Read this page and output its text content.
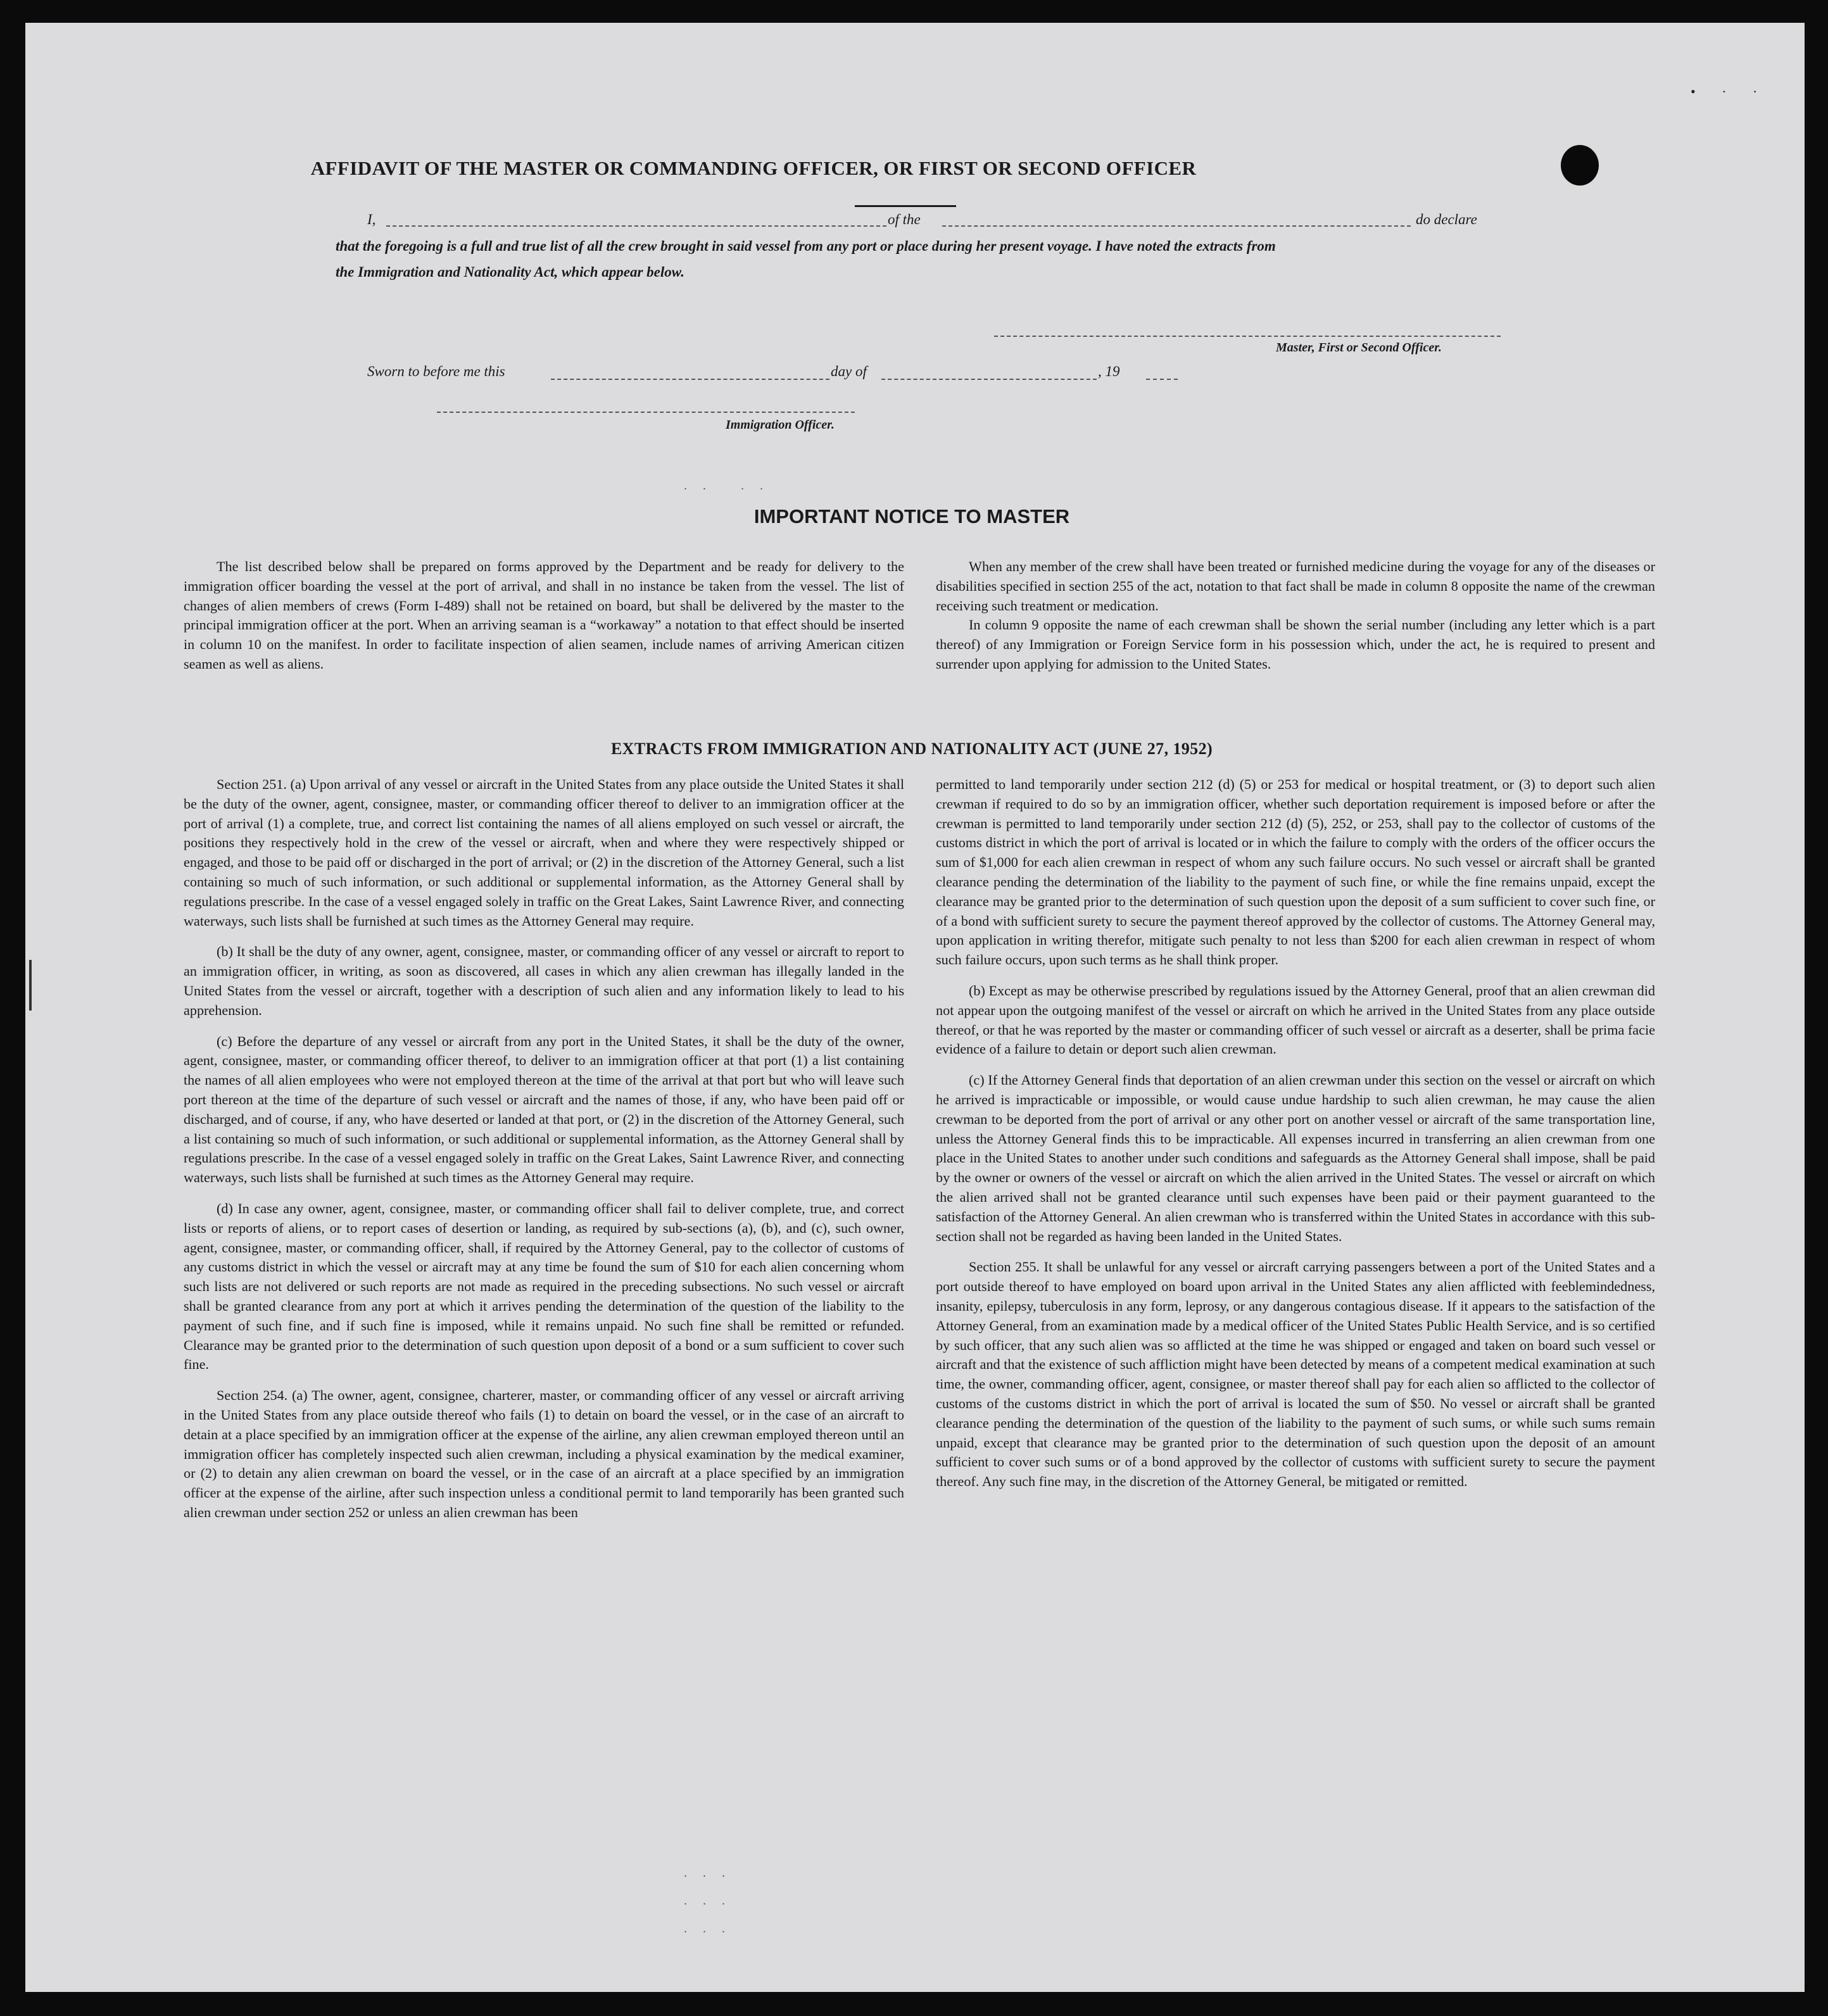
• · ·
AFFIDAVIT OF THE MASTER OR COMMANDING OFFICER, OR FIRST OR SECOND OFFICER
I,	of the	do declare
that the foregoing is a full and true list of all the crew brought in said vessel from any port or place during her present voyage. I have noted the extracts from
the Immigration and Nationality Act, which appear below.
Master, First or Second Officer.
Sworn to before me this	day of	, 19
Immigration Officer.
. .   . .
IMPORTANT NOTICE TO MASTER

The list described below shall be prepared on forms approved by the Department and be ready for delivery to the immigration officer boarding the vessel at the port of arrival, and shall in no instance be taken from the vessel. The list of changes of alien members of crews (Form I-489) shall not be retained on board, but shall be delivered by the master to the principal immigration officer at the port. When an arriving seaman is a “workaway” a notation to that effect should be inserted in column 10 on the manifest. In order to facilitate inspection of alien seamen, include names of arriving American citizen seamen as well as aliens.

When any member of the crew shall have been treated or furnished medicine during the voyage for any of the diseases or disabilities specified in section 255 of the act, notation to that fact shall be made in column 8 opposite the name of the crewman receiving such treatment or medication.

In column 9 opposite the name of each crewman shall be shown the serial number (including any letter which is a part thereof) of any Immigration or Foreign Service form in his possession which, under the act, he is required to present and surrender upon applying for admission to the United States.

EXTRACTS FROM IMMIGRATION AND NATIONALITY ACT (JUNE 27, 1952)

Section 251. (a) Upon arrival of any vessel or aircraft in the United States from any place outside the United States it shall be the duty of the owner, agent, consignee, master, or commanding officer thereof to deliver to an immigration officer at the port of arrival (1) a complete, true, and correct list containing the names of all aliens employed on such vessel or aircraft, the positions they respectively hold in the crew of the vessel or aircraft, when and where they were respectively shipped or engaged, and those to be paid off or discharged in the port of arrival; or (2) in the discretion of the Attorney General, such a list containing so much of such information, or such additional or supplemental information, as the Attorney General shall by regulations prescribe. In the case of a vessel engaged solely in traffic on the Great Lakes, Saint Lawrence River, and connecting waterways, such lists shall be furnished at such times as the Attorney General may require.

(b) It shall be the duty of any owner, agent, consignee, master, or commanding officer of any vessel or aircraft to report to an immigration officer, in writing, as soon as discovered, all cases in which any alien crewman has illegally landed in the United States from the vessel or aircraft, together with a description of such alien and any information likely to lead to his apprehension.

(c) Before the departure of any vessel or aircraft from any port in the United States, it shall be the duty of the owner, agent, consignee, master, or commanding officer thereof, to deliver to an immigration officer at that port (1) a list containing the names of all alien employees who were not employed thereon at the time of the arrival at that port but who will leave such port thereon at the time of the departure of such vessel or aircraft and the names of those, if any, who have been paid off or discharged, and of course, if any, who have deserted or landed at that port, or (2) in the discretion of the Attorney General, such a list containing so much of such information, or such additional or supplemental information, as the Attorney General shall by regulations prescribe. In the case of a vessel engaged solely in traffic on the Great Lakes, Saint Lawrence River, and connecting waterways, such lists shall be furnished at such times as the Attorney General may require.

(d) In case any owner, agent, consignee, master, or commanding officer shall fail to deliver complete, true, and correct lists or reports of aliens, or to report cases of desertion or landing, as required by sub-sections (a), (b), and (c), such owner, agent, consignee, master, or commanding officer, shall, if required by the Attorney General, pay to the collector of customs of any customs district in which the vessel or aircraft may at any time be found the sum of $10 for each alien concerning whom such lists are not delivered or such reports are not made as required in the preceding subsections. No such vessel or aircraft shall be granted clearance from any port at which it arrives pending the determination of the question of the liability to the payment of such fine, and if such fine is imposed, while it remains unpaid. No such fine shall be remitted or refunded. Clearance may be granted prior to the determination of such question upon deposit of a bond or a sum sufficient to cover such fine.

Section 254. (a) The owner, agent, consignee, charterer, master, or commanding officer of any vessel or aircraft arriving in the United States from any place outside thereof who fails (1) to detain on board the vessel, or in the case of an aircraft to detain at a place specified by an immigration officer at the expense of the airline, any alien crewman employed thereon until an immigration officer has completely inspected such alien crewman, including a physical examination by the medical examiner, or (2) to detain any alien crewman on board the vessel, or in the case of an aircraft at a place specified by an immigration officer at the expense of the airline, after such inspection unless a conditional permit to land temporarily has been granted such alien crewman under section 252 or unless an alien crewman has been

permitted to land temporarily under section 212 (d) (5) or 253 for medical or hospital treatment, or (3) to deport such alien crewman if required to do so by an immigration officer, whether such deportation requirement is imposed before or after the crewman is permitted to land temporarily under section 212 (d) (5), 252, or 253, shall pay to the collector of customs of the customs district in which the port of arrival is located or in which the failure to comply with the orders of the officer occurs the sum of $1,000 for each alien crewman in respect of whom any such failure occurs. No such vessel or aircraft shall be granted clearance pending the determination of the liability to the payment of such fine, or while the fine remains unpaid, except the clearance may be granted prior to the determination of such question upon the deposit of a sum sufficient to cover such fine, or of a bond with sufficient surety to secure the payment thereof approved by the collector of customs. The Attorney General may, upon application in writing therefor, mitigate such penalty to not less than $200 for each alien crewman in respect of whom such failure occurs, upon such terms as he shall think proper.

(b) Except as may be otherwise prescribed by regulations issued by the Attorney General, proof that an alien crewman did not appear upon the outgoing manifest of the vessel or aircraft on which he arrived in the United States from any place outside thereof, or that he was reported by the master or commanding officer of such vessel or aircraft as a deserter, shall be prima facie evidence of a failure to detain or deport such alien crewman.

(c) If the Attorney General finds that deportation of an alien crewman under this section on the vessel or aircraft on which he arrived is impracticable or impossible, or would cause undue hardship to such alien crewman, he may cause the alien crewman to be deported from the port of arrival or any other port on another vessel or aircraft of the same transportation line, unless the Attorney General finds this to be impracticable. All expenses incurred in transferring an alien crewman from one place in the United States to another under such conditions and safeguards as the Attorney General shall impose, shall be paid by the owner or owners of the vessel or aircraft on which the alien arrived in the United States. The vessel or aircraft on which the alien arrived shall not be granted clearance until such expenses have been paid or their payment guaranteed to the satisfaction of the Attorney General. An alien crewman who is transferred within the United States in accordance with this sub-section shall not be regarded as having been landed in the United States.

Section 255. It shall be unlawful for any vessel or aircraft carrying passengers between a port of the United States and a port outside thereof to have employed on board upon arrival in the United States any alien afflicted with feeblemindedness, insanity, epilepsy, tuberculosis in any form, leprosy, or any dangerous contagious disease. If it appears to the satisfaction of the Attorney General, from an examination made by a medical officer of the United States Public Health Service, and is so certified by such officer, that any such alien was so afflicted at the time he was shipped or engaged and taken on board such vessel or aircraft and that the existence of such affliction might have been detected by means of a competent medical examination at such time, the owner, commanding officer, agent, consignee, or master thereof shall pay for each alien so afflicted to the collector of customs of the customs district in which the port of arrival is located the sum of $50. No vessel or aircraft shall be granted clearance pending the determination of the question of the liability to the payment of such sums, or while such sums remain unpaid, except that clearance may be granted prior to the determination of such question upon the deposit of an amount sufficient to cover such sums or of a bond approved by the collector of customs with sufficient surety to secure the payment thereof. Any such fine may, in the discretion of the Attorney General, be mitigated or remitted.

. . .
. . .
. . .
